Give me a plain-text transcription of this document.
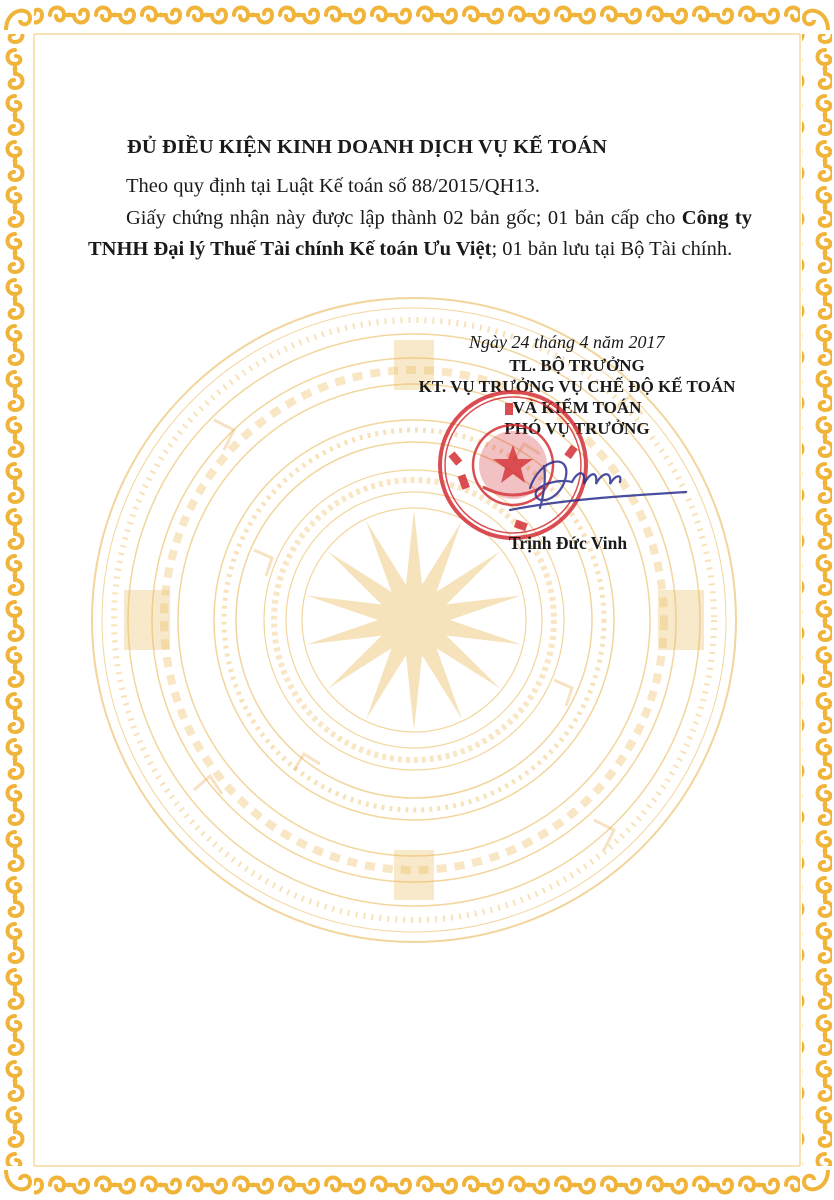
ĐỦ ĐIỀU KIỆN KINH DOANH DỊCH VỤ KẾ TOÁN
Theo quy định tại Luật Kế toán số 88/2015/QH13.
Giấy chứng nhận này được lập thành 02 bản gốc; 01 bản cấp cho Công ty TNHH Đại lý Thuế Tài chính Kế toán Ưu Việt; 01 bản lưu tại Bộ Tài chính.
Ngày 24 tháng 4 năm 2017
TL. BỘ TRƯỞNG
KT. VỤ TRƯỞNG VỤ CHẾ ĐỘ KẾ TOÁN
VÀ KIỂM TOÁN
PHÓ VỤ TRƯỞNG
Trịnh Đức Vinh
